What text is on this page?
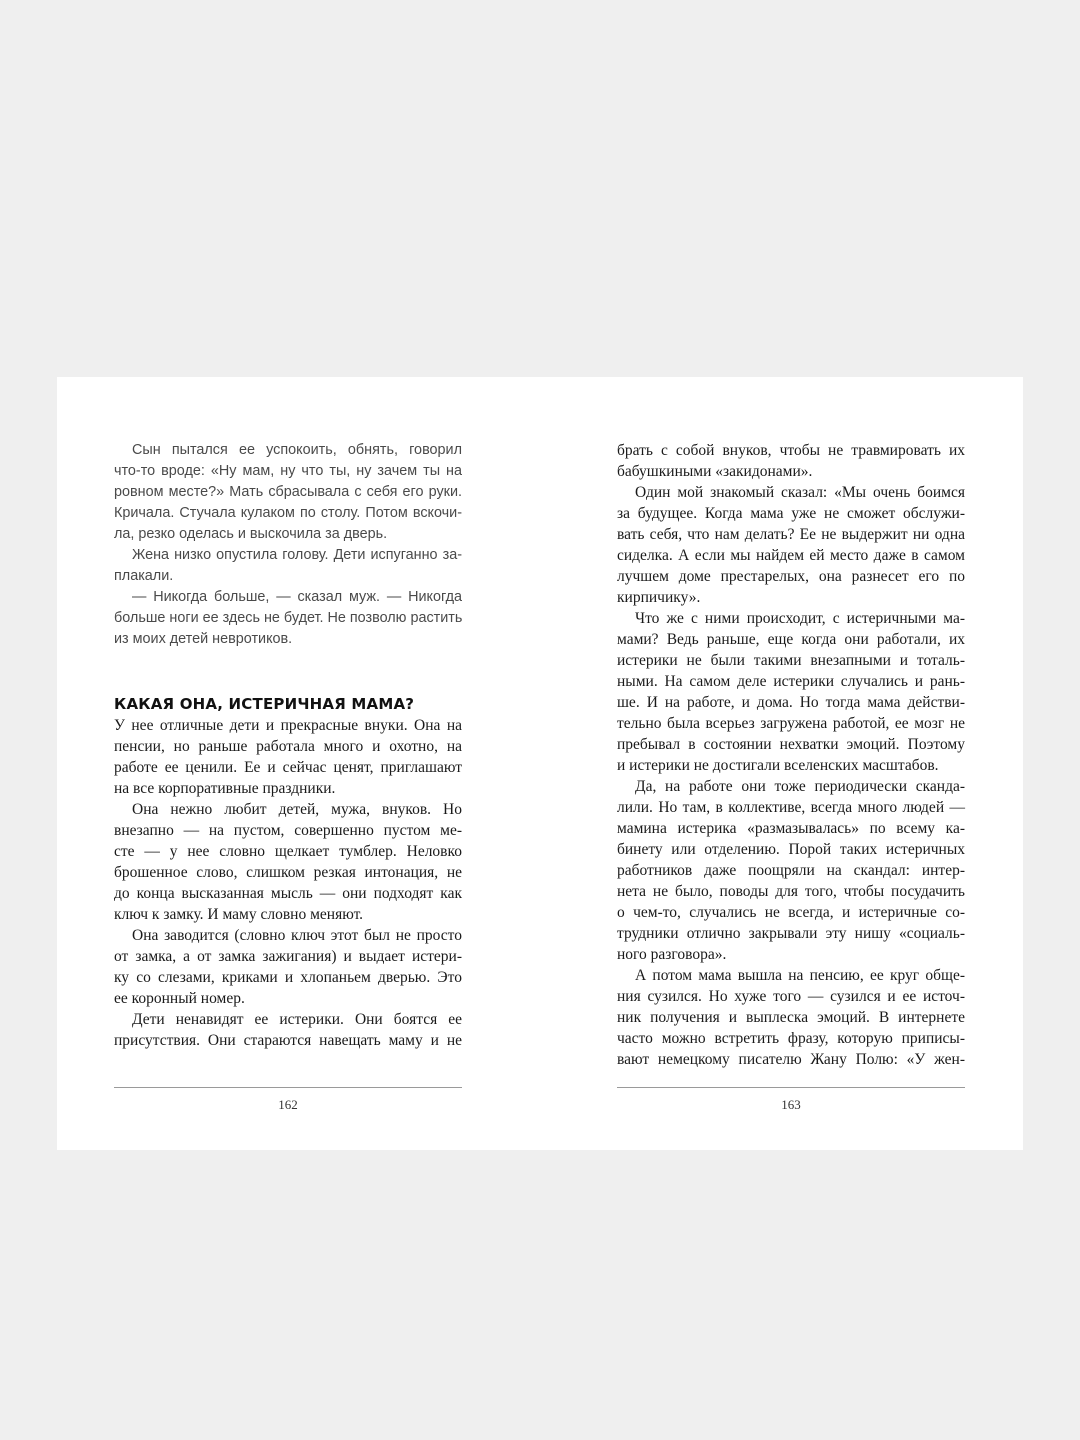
Сын пытался ее успокоить, обнять, говорил
что-то вроде: «Ну мам, ну что ты, ну зачем ты на
ровном месте?» Мать сбрасывала с себя его руки.
Кричала. Стучала кулаком по столу. Потом вскочи-
ла, резко оделась и выскочила за дверь.
Жена низко опустила голову. Дети испуганно за-
плакали.
— Никогда больше, — сказал муж. — Никогда
больше ноги ее здесь не будет. Не позволю растить
из моих детей невротиков.
КАКАЯ ОНА, ИСТЕРИЧНАЯ МАМА?
У нее отличные дети и прекрасные внуки. Она на
пенсии, но раньше работала много и охотно, на
работе ее ценили. Ее и сейчас ценят, приглашают
на все корпоративные праздники.
Она нежно любит детей, мужа, внуков. Но
внезапно — на пустом, совершенно пустом ме-
сте — у нее словно щелкает тумблер. Неловко
брошенное слово, слишком резкая интонация, не
до конца высказанная мысль — они подходят как
ключ к замку. И маму словно меняют.
Она заводится (словно ключ этот был не просто
от замка, а от замка зажигания) и выдает истери-
ку со слезами, криками и хлопаньем дверью. Это
ее коронный номер.
Дети ненавидят ее истерики. Они боятся ее
присутствия. Они стараются навещать маму и не
162
брать с собой внуков, чтобы не травмировать их
бабушкиными «закидонами».
Один мой знакомый сказал: «Мы очень боимся
за будущее. Когда мама уже не сможет обслужи-
вать себя, что нам делать? Ее не выдержит ни одна
сиделка. А если мы найдем ей место даже в самом
лучшем доме престарелых, она разнесет его по
кирпичику».
Что же с ними происходит, с истеричными ма-
мами? Ведь раньше, еще когда они работали, их
истерики не были такими внезапными и тоталь-
ными. На самом деле истерики случались и рань-
ше. И на работе, и дома. Но тогда мама действи-
тельно была всерьез загружена работой, ее мозг не
пребывал в состоянии нехватки эмоций. Поэтому
и истерики не достигали вселенских масштабов.
Да, на работе они тоже периодически сканда-
лили. Но там, в коллективе, всегда много людей —
мамина истерика «размазывалась» по всему ка-
бинету или отделению. Порой таких истеричных
работников даже поощряли на скандал: интер-
нета не было, поводы для того, чтобы посудачить
о чем-то, случались не всегда, и истеричные со-
трудники отлично закрывали эту нишу «социаль-
ного разговора».
А потом мама вышла на пенсию, ее круг обще-
ния сузился. Но хуже того — сузился и ее источ-
ник получения и выплеска эмоций. В интернете
часто можно встретить фразу, которую приписы-
вают немецкому писателю Жану Полю: «У жен-
163
